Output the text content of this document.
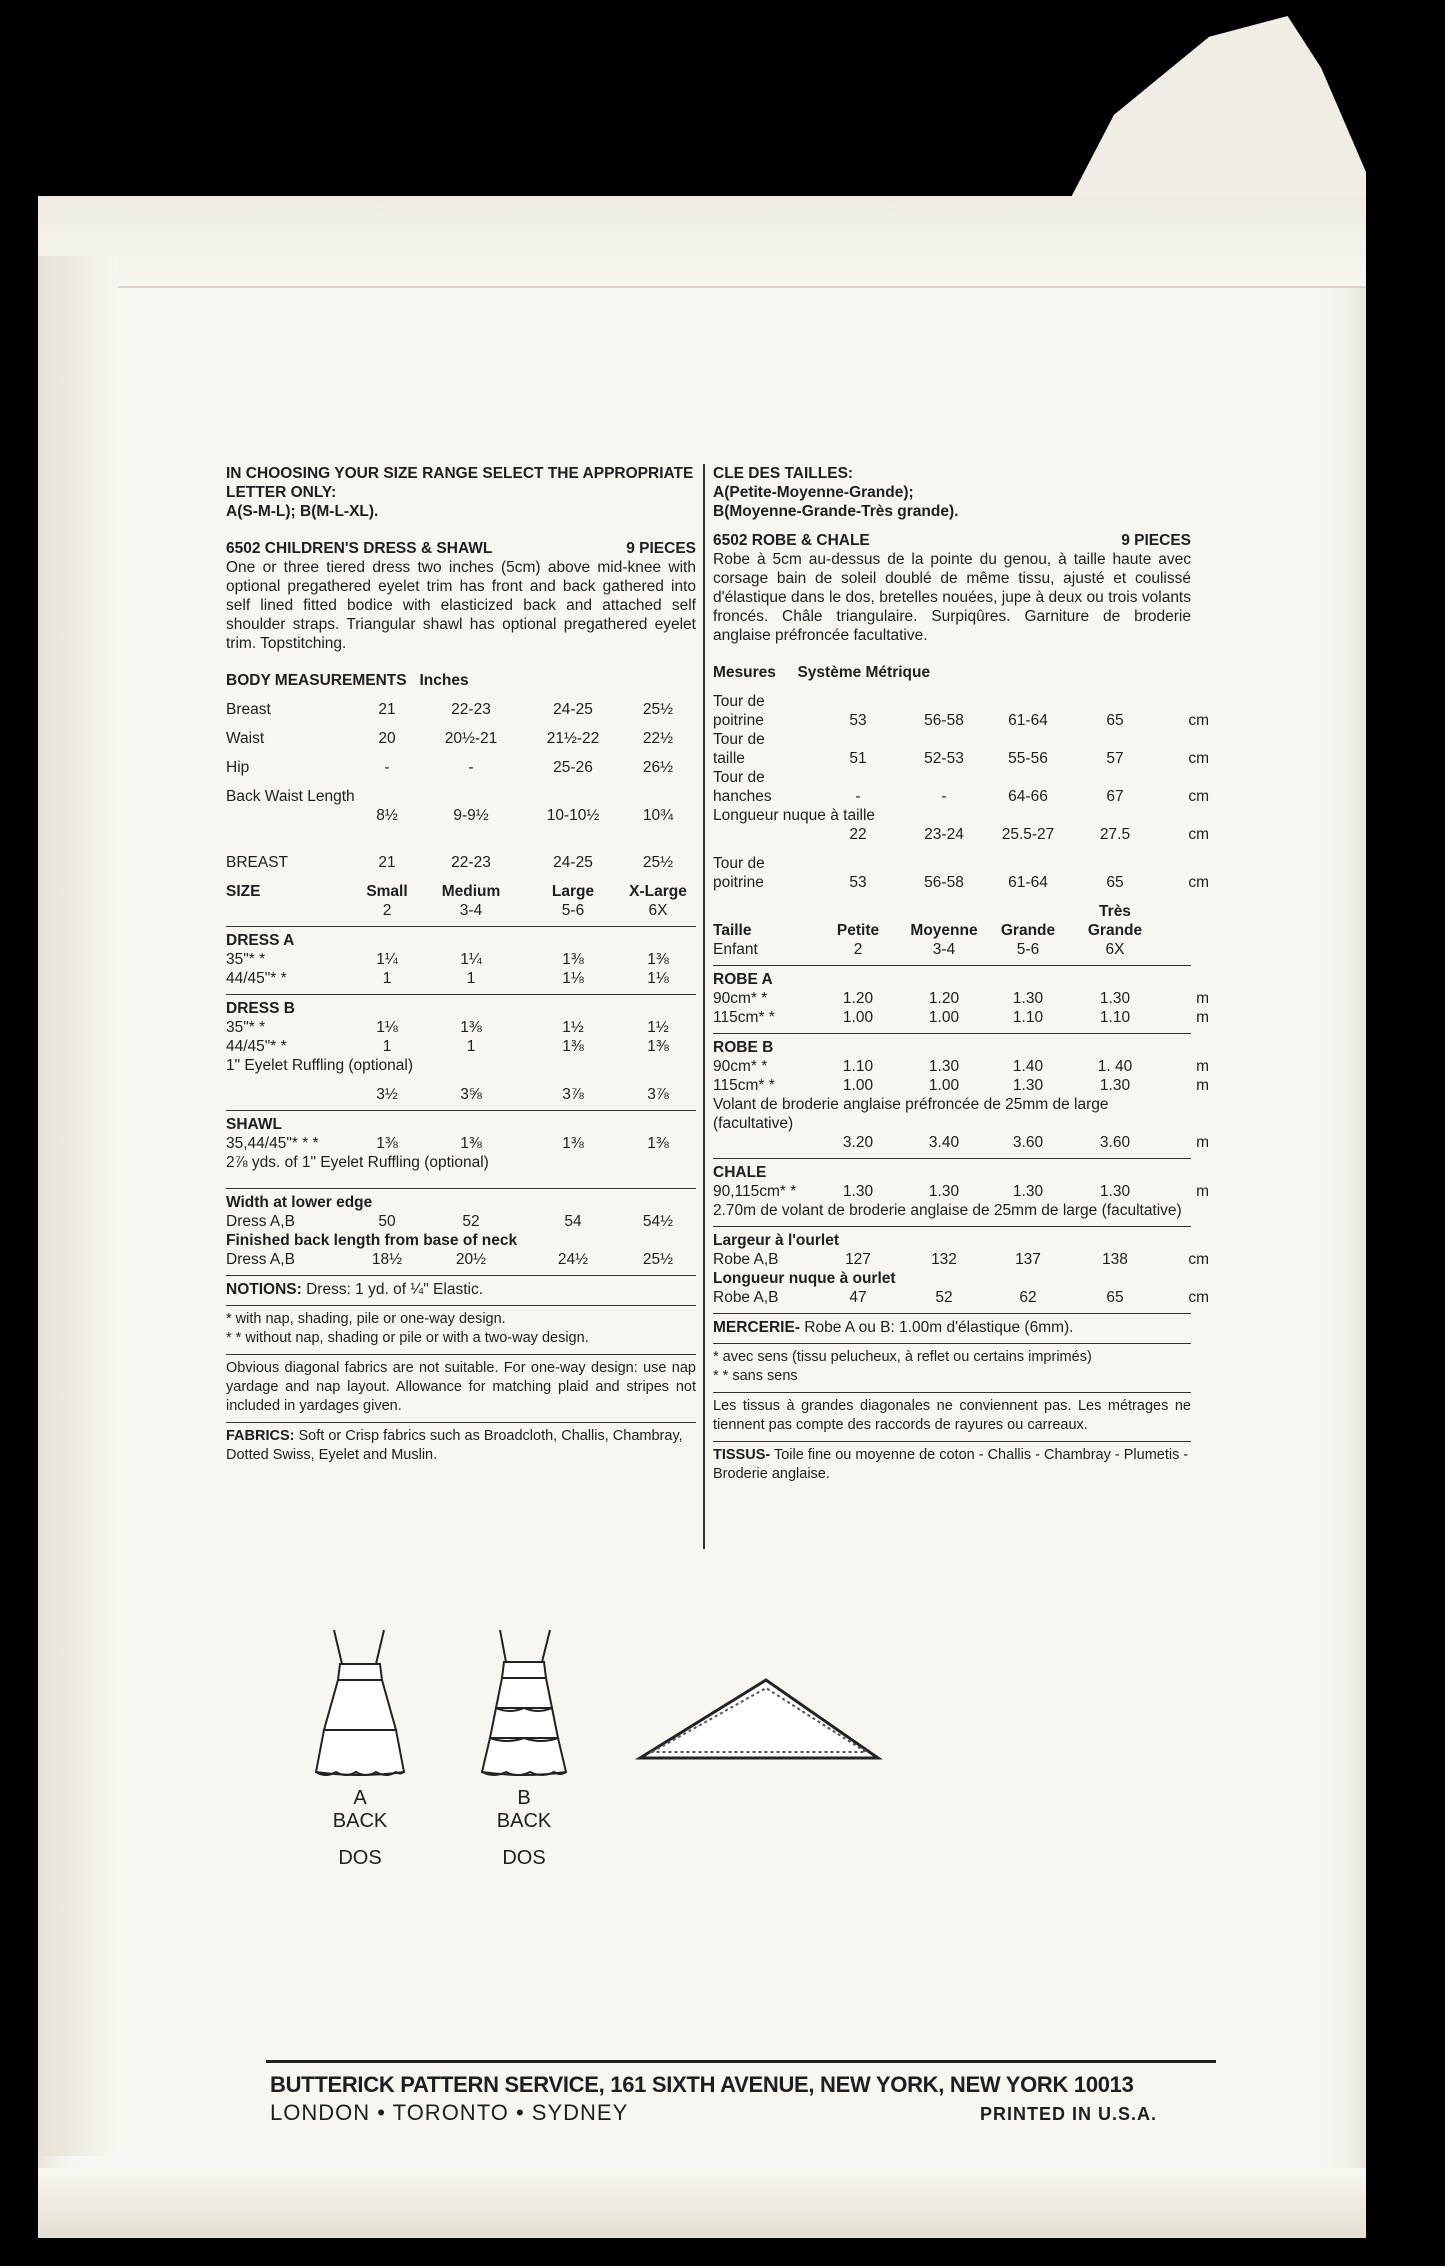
IN CHOOSING YOUR SIZE RANGE SELECT THE APPROPRIATE LETTER ONLY:
A(S-M-L); B(M-L-XL).
6502 CHILDREN'S DRESS & SHAWL	9 PIECES
One or three tiered dress two inches (5cm) above mid-knee with optional pregathered eyelet trim has front and back gathered into self lined fitted bodice with elasticized back and attached self shoulder straps. Triangular shawl has optional pregathered eyelet trim. Topstitching.
BODY MEASUREMENTS Inches
Breast	21	22-23	24-25	25½
Waist	20	20½-21	21½-22	22½
Hip	-	-	25-26	26½
Back Waist Length
8½	9-9½	10-10½	10¾
BREAST	21	22-23	24-25	25½
SIZE	Small	Medium	Large	X-Large
2	3-4	5-6	6X
DRESS A
35"* *	1¼	1¼	1⅜	1⅜
44/45"* *	1	1	1⅛	1⅛
DRESS B
35"* *	1⅛	1⅜	1½	1½
44/45"* *	1	1	1⅜	1⅜
1" Eyelet Ruffling (optional)
3½	3⅝	3⅞	3⅞
SHAWL
35,44/45"* * *	1⅜	1⅜	1⅜	1⅜
2⅞ yds. of 1" Eyelet Ruffling (optional)
Width at lower edge
Dress A,B	50	52	54	54½
Finished back length from base of neck
Dress A,B	18½	20½	24½	25½
NOTIONS: Dress: 1 yd. of ¼" Elastic.
* with nap, shading, pile or one-way design.
* * without nap, shading or pile or with a two-way design.
Obvious diagonal fabrics are not suitable. For one-way design: use nap yardage and nap layout. Allowance for matching plaid and stripes not included in yardages given.
FABRICS: Soft or Crisp fabrics such as Broadcloth, Challis, Chambray, Dotted Swiss, Eyelet and Muslin.
CLE DES TAILLES:
A(Petite-Moyenne-Grande);
B(Moyenne-Grande-Très grande).
6502 ROBE & CHALE	9 PIECES
Robe à 5cm au-dessus de la pointe du genou, à taille haute avec corsage bain de soleil doublé de même tissu, ajusté et coulissé d'élastique dans le dos, bretelles nouées, jupe à deux ou trois volants froncés. Châle triangulaire. Surpiqûres. Garniture de broderie anglaise préfroncée facultative.
Mesures Système Métrique
Tour de
poitrine	53	56-58	61-64	65	cm
Tour de
taille	51	52-53	55-56	57	cm
Tour de
hanches	-	-	64-66	67	cm
Longueur nuque à taille
22	23-24	25.5-27	27.5	cm
Tour de
poitrine	53	56-58	61-64	65	cm
Taille	Petite	Moyenne	Grande
Très Grande
Enfant	2	3-4	5-6	6X
ROBE A
90cm* *	1.20	1.20	1.30	1.30	m
115cm* *	1.00	1.00	1.10	1.10	m
ROBE B
90cm* *	1.10	1.30	1.40	1. 40	m
115cm* *	1.00	1.00	1.30	1.30	m
Volant de broderie anglaise préfroncée de 25mm de large (facultative)
3.20	3.40	3.60	3.60	m
CHALE
90,115cm* *	1.30	1.30	1.30	1.30	m
2.70m de volant de broderie anglaise de 25mm de large (facultative)
Largeur à l'ourlet
Robe A,B	127	132	137	138	cm
Longueur nuque à ourlet
Robe A,B	47	52	62	65	cm
MERCERIE- Robe A ou B: 1.00m d'élastique (6mm).
* avec sens (tissu pelucheux, à reflet ou certains imprimés)
* * sans sens
Les tissus à grandes diagonales ne conviennent pas. Les métrages ne tiennent pas compte des raccords de rayures ou carreaux.
TISSUS- Toile fine ou moyenne de coton - Challis - Chambray - Plumetis - Broderie anglaise.
A
BACK
DOS
B
BACK
DOS
BUTTERICK PATTERN SERVICE, 161 SIXTH AVENUE, NEW YORK, NEW YORK 10013
LONDON • TORONTO • SYDNEY	PRINTED IN U.S.A.
